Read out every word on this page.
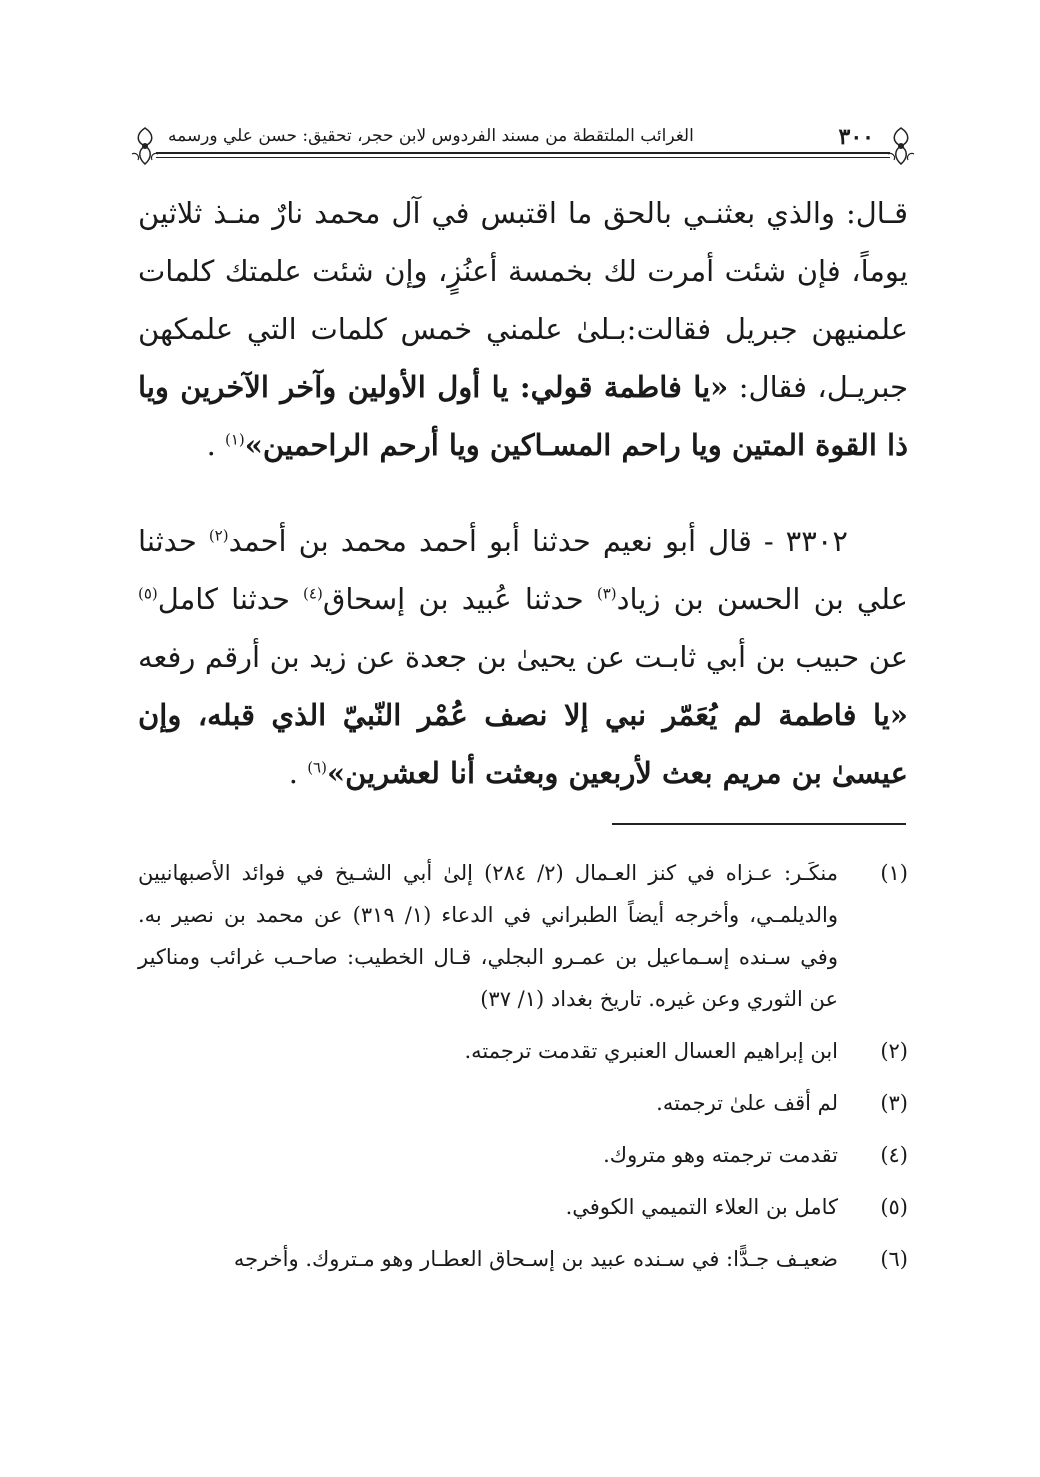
٣٠٠
الغرائب الملتقطة من مسند الفردوس لابن حجر، تحقيق: حسن علي ورسمه

قـال: والذي بعثنـي بالحق ما اقتبس في آل محمد نارٌ منـذ ثلاثين يوماً، فإن شئت أمرت لك بخمسة أعنُزٍ، وإن شئت علمتك كلمات علمنيهن جبريل فقالت:بـلىٰ علمني خمس كلمات التي علمكهن جبريـل، فقال: «يا فاطمة قولي: يا أول الأولين وآخر الآخرين ويا ذا القوة المتين ويا راحم المسـاكين ويا أرحم الراحمين»$^{(١)}$ .

٣٣٠٢ - قال أبو نعيم حدثنا أبو أحمد محمد بن أحمد$^{(٢)}$ حدثنا علي بن الحسن بن زياد$^{(٣)}$ حدثنا عُبيد بن إسحاق$^{(٤)}$ حدثنا كامل$^{(٥)}$ عن حبيب بن أبي ثابـت عن يحيىٰ بن جعدة عن زيد بن أرقم رفعه «يا فاطمة لم يُعَمّر نبي إلا نصف عُمْر النّبيّ الذي قبله، وإن عيسىٰ بن مريم بعث لأربعين وبعثت أنا لعشرين»$^{(٦)}$ .

(١)
منكَـر: عـزاه في كنز العـمال (٢/ ٢٨٤) إلىٰ أبي الشـيخ في فوائد الأصبهانيين والديلمـي، وأخرجه أيضاً الطبراني في الدعاء (١/ ٣١٩) عن محمد بن نصير به. وفي سـنده إسـماعيل بن عمـرو البجلي، قـال الخطيب: صاحـب غرائب ومناكير عن الثوري وعن غيره. تاريخ بغداد (١/ ٣٧)
(٢)
ابن إبراهيم العسال العنبري تقدمت ترجمته.
(٣)
لم أقف علىٰ ترجمته.
(٤)
تقدمت ترجمته وهو متروك.
(٥)
كامل بن العلاء التميمي الكوفي.
(٦)
ضعيـف جـدًّا: في سـنده عبيد بن إسـحاق العطـار وهو مـتروك. وأخرجه
